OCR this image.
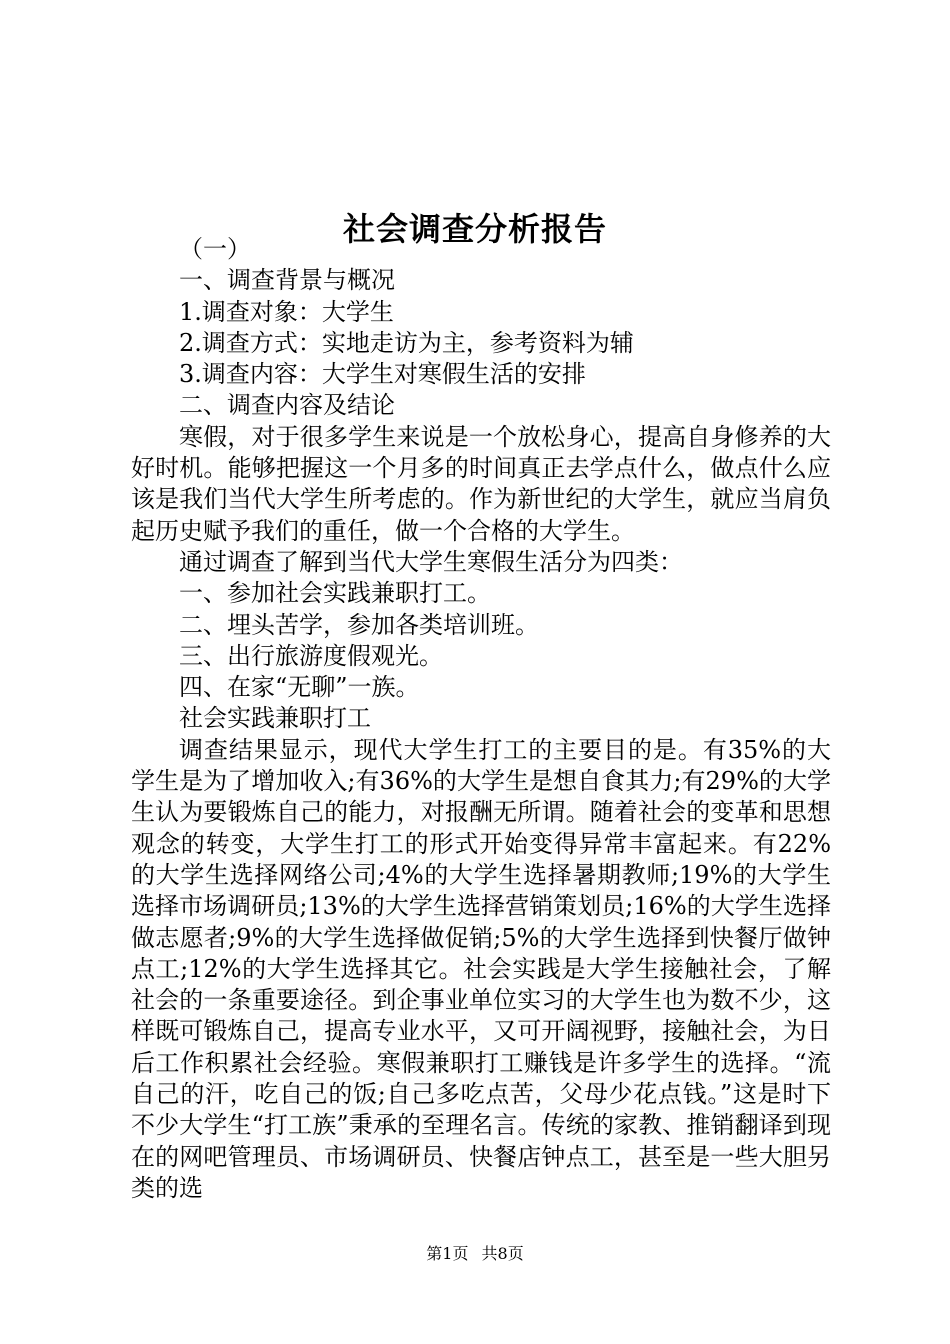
社会调查分析报告

（一）

一、调查背景与概况

1.调查对象：大学生

2.调查方式：实地走访为主，参考资料为辅

3.调查内容：大学生对寒假生活的安排

二、调查内容及结论

寒假，对于很多学生来说是一个放松身心，提高自身修养的大好时机。能够把握这一个月多的时间真正去学点什么，做点什么应该是我们当代大学生所考虑的。作为新世纪的大学生，就应当肩负起历史赋予我们的重任，做一个合格的大学生。

通过调查了解到当代大学生寒假生活分为四类：

一、参加社会实践兼职打工。

二、埋头苦学，参加各类培训班。

三、出行旅游度假观光。

四、在家“无聊”一族。

社会实践兼职打工

调查结果显示，现代大学生打工的主要目的是。有35%的大学生是为了增加收入;有36%的大学生是想自食其力;有29%的大学生认为要锻炼自己的能力，对报酬无所谓。随着社会的变革和思想观念的转变，大学生打工的形式开始变得异常丰富起来。有22%的大学生选择网络公司;4%的大学生选择暑期教师;19%的大学生选择市场调研员;13%的大学生选择营销策划员;16%的大学生选择做志愿者;9%的大学生选择做促销;5%的大学生选择到快餐厅做钟点工;12%的大学生选择其它。社会实践是大学生接触社会，了解社会的一条重要途径。到企事业单位实习的大学生也为数不少，这样既可锻炼自己，提高专业水平，又可开阔视野，接触社会，为日后工作积累社会经验。寒假兼职打工赚钱是许多学生的选择。“流自己的汗，吃自己的饭;自己多吃点苦，父母少花点钱。”这是时下不少大学生“打工族”秉承的至理名言。传统的家教、推销翻译到现在的网吧管理员、市场调研员、快餐店钟点工，甚至是一些大胆另类的选

第1页 共8页
